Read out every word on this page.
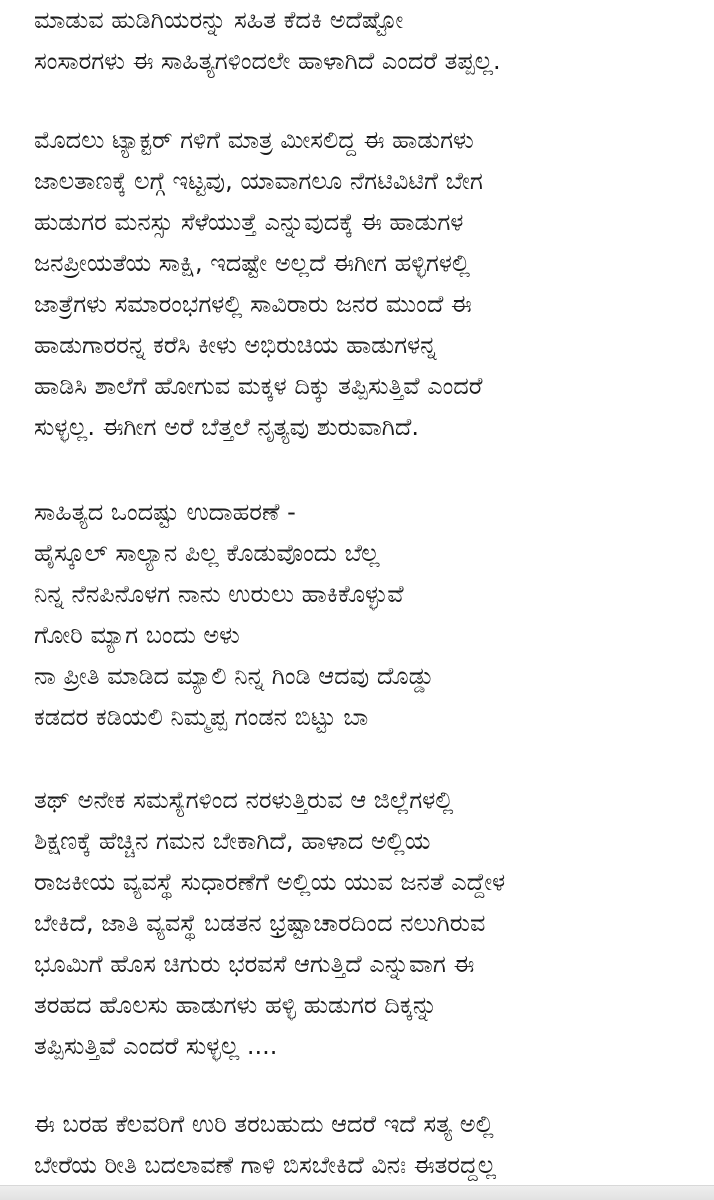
ಮಾಡುವ ಹುಡಿಗಿಯರನ್ನು ಸಹಿತ ಕೆದಕಿ ಅದೆಷ್ಟೋ
ಸಂಸಾರಗಳು ಈ ಸಾಹಿತ್ಯಗಳಿಂದಲೇ ಹಾಳಾಗಿದೆ ಎಂದರೆ ತಪ್ಪಲ್ಲ.
ಮೊದಲು ಟ್ಯಾಕ್ಟರ್ ಗಳಿಗೆ ಮಾತ್ರ ಮೀಸಲಿದ್ದ ಈ ಹಾಡುಗಳು
ಜಾಲತಾಣಕ್ಕೆ ಲಗ್ಗೆ ಇಟ್ಟವು, ಯಾವಾಗಲೂ ನೆಗಟಿವಿಟಿಗೆ ಬೇಗ
ಹುಡುಗರ ಮನಸ್ಸು ಸೆಳೆಯುತ್ತೆ ಎನ್ನುವುದಕ್ಕೆ ಈ ಹಾಡುಗಳ
ಜನಪ್ರೀಯತೆಯ ಸಾಕ್ಷಿ, ಇದಷ್ಟೇ ಅಲ್ಲದೆ ಈಗೀಗ ಹಳ್ಳಿಗಳಲ್ಲಿ
ಜಾತ್ರೆಗಳು ಸಮಾರಂಭಗಳಲ್ಲಿ ಸಾವಿರಾರು ಜನರ ಮುಂದೆ ಈ
ಹಾಡುಗಾರರನ್ನ ಕರೆಸಿ ಕೀಳು ಅಭಿರುಚಿಯ ಹಾಡುಗಳನ್ನ
ಹಾಡಿಸಿ ಶಾಲೆಗೆ ಹೋಗುವ ಮಕ್ಕಳ ದಿಕ್ಕು ತಪ್ಪಿಸುತ್ತಿವೆ ಎಂದರೆ
ಸುಳ್ಳಲ್ಲ. ಈಗೀಗ ಅರೆ ಬೆತ್ತಲೆ ನೃತ್ಯವು ಶುರುವಾಗಿದೆ.
ಸಾಹಿತ್ಯದ ಒಂದಷ್ಟು ಉದಾಹರಣೆ -
ಹೈಸ್ಕೂಲ್ ಸಾಲ್ಯಾನ ಪಿಲ್ಲ ಕೊಡುವೊಂದು ಬೆಲ್ಲ
ನಿನ್ನ ನೆನಪಿನೊಳಗ ನಾನು ಉರುಲು ಹಾಕಿಕೊಳ್ಳುವೆ
ಗೋರಿ ಮ್ಯಾಗ ಬಂದು ಅಳು
ನಾ ಪ್ರೀತಿ ಮಾಡಿದ ಮ್ಯಾಲಿ ನಿನ್ನ ಗಿಂಡಿ ಆದವು ದೊಡ್ಡು
ಕಡದರ ಕಡಿಯಲಿ ನಿಮ್ಮಪ್ಪ ಗಂಡನ ಬಿಟ್ಟು ಬಾ
ತಥ್ ಅನೇಕ ಸಮಸ್ಯೆಗಳಿಂದ ನರಳುತ್ತಿರುವ ಆ ಜಿಲ್ಲೆಗಳಲ್ಲಿ
ಶಿಕ್ಷಣಕ್ಕೆ ಹೆಚ್ಚಿನ ಗಮನ ಬೇಕಾಗಿದೆ, ಹಾಳಾದ ಅಲ್ಲಿಯ
ರಾಜಕೀಯ ವ್ಯವಸ್ಥೆ ಸುಧಾರಣೆಗೆ ಅಲ್ಲಿಯ ಯುವ ಜನತೆ ಎದ್ದೇಳ
ಬೇಕಿದೆ, ಜಾತಿ ವ್ಯವಸ್ಥೆ ಬಡತನ ಭ್ರಷ್ಟಾಚಾರದಿಂದ ನಲುಗಿರುವ
ಭೂಮಿಗೆ ಹೊಸ ಚಿಗುರು ಭರವಸೆ ಆಗುತ್ತಿದೆ ಎನ್ನುವಾಗ ಈ
ತರಹದ ಹೊಲಸು ಹಾಡುಗಳು ಹಳ್ಳಿ ಹುಡುಗರ ದಿಕ್ಕನ್ನು
ತಪ್ಪಿಸುತ್ತಿವೆ ಎಂದರೆ ಸುಳ್ಳಲ್ಲ ....
ಈ ಬರಹ ಕೆಲವರಿಗೆ ಉರಿ ತರಬಹುದು ಆದರೆ ಇದೆ ಸತ್ಯ ಅಲ್ಲಿ
ಬೇರೆಯ ರೀತಿ ಬದಲಾವಣೆ ಗಾಳಿ ಬಿಸಬೇಕಿದೆ ವಿನಃ ಈತರದ್ದಲ್ಲ
